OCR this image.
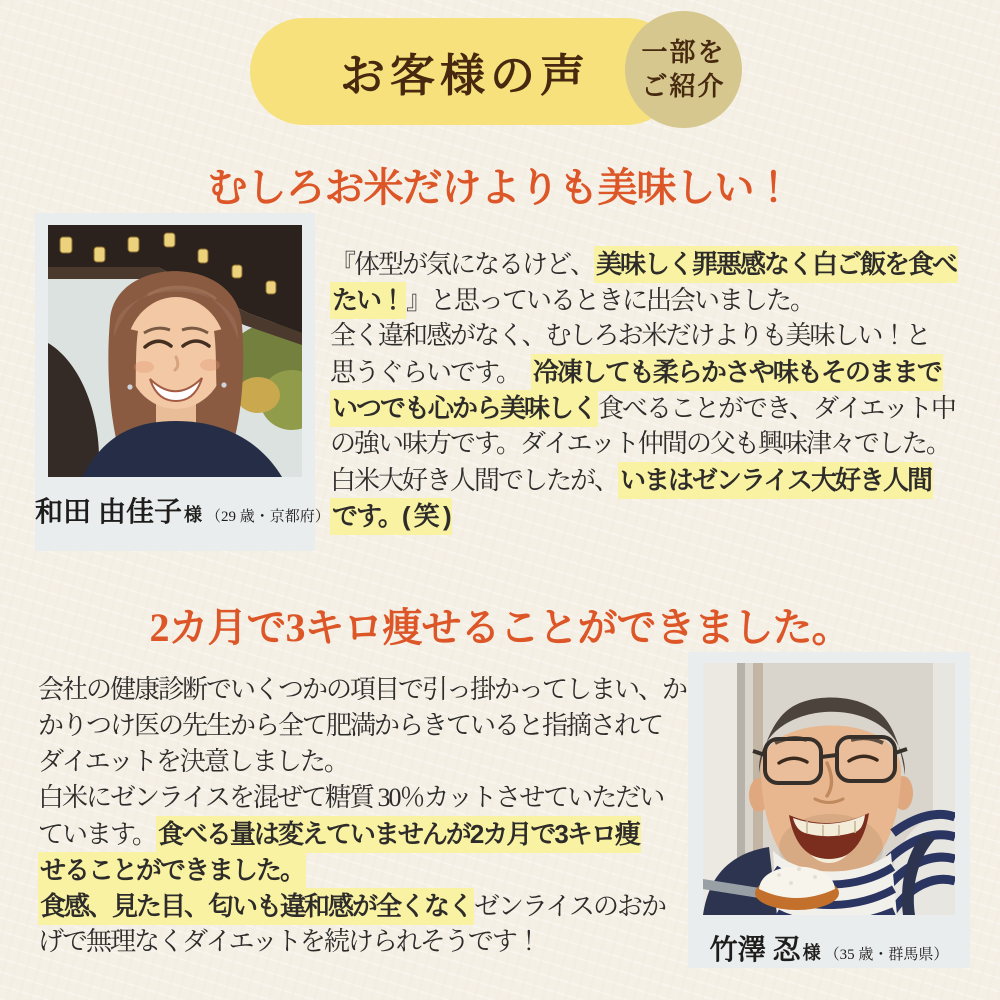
お客様の声 一部を
ご紹介
むしろお米だけよりも美味しい！
和田 由佳子 様 （29 歳・京都府）
『体型が気になるけど、美味しく罪悪感なく白ご飯を食べ
たい！』と思っているときに出会いました。
全く違和感がなく、むしろお米だけよりも美味しい！と
思うぐらいです。　冷凍しても柔らかさや味もそのままで
いつでも心から美味しく食べることができ、ダイエット中
の強い味方です。ダイエット仲間の父も興味津々でした。
白米大好き人間でしたが、いまはゼンライス大好き人間
です。( 笑 )
2カ月で3キロ痩せることができました。
会社の健康診断でいくつかの項目で引っ掛かってしまい、か
かりつけ医の先生から全て肥満からきていると指摘されて
ダイエットを決意しました。
白米にゼンライスを混ぜて糖質 30％カットさせていただい
ています。食べる量は変えていませんが2カ月で3キロ痩
せることができました。
食感、見た目、匂いも違和感が全くなくゼンライスのおか
げで無理なくダイエットを続けられそうです！	竹澤 忍 様 （35 歳・群馬県）
